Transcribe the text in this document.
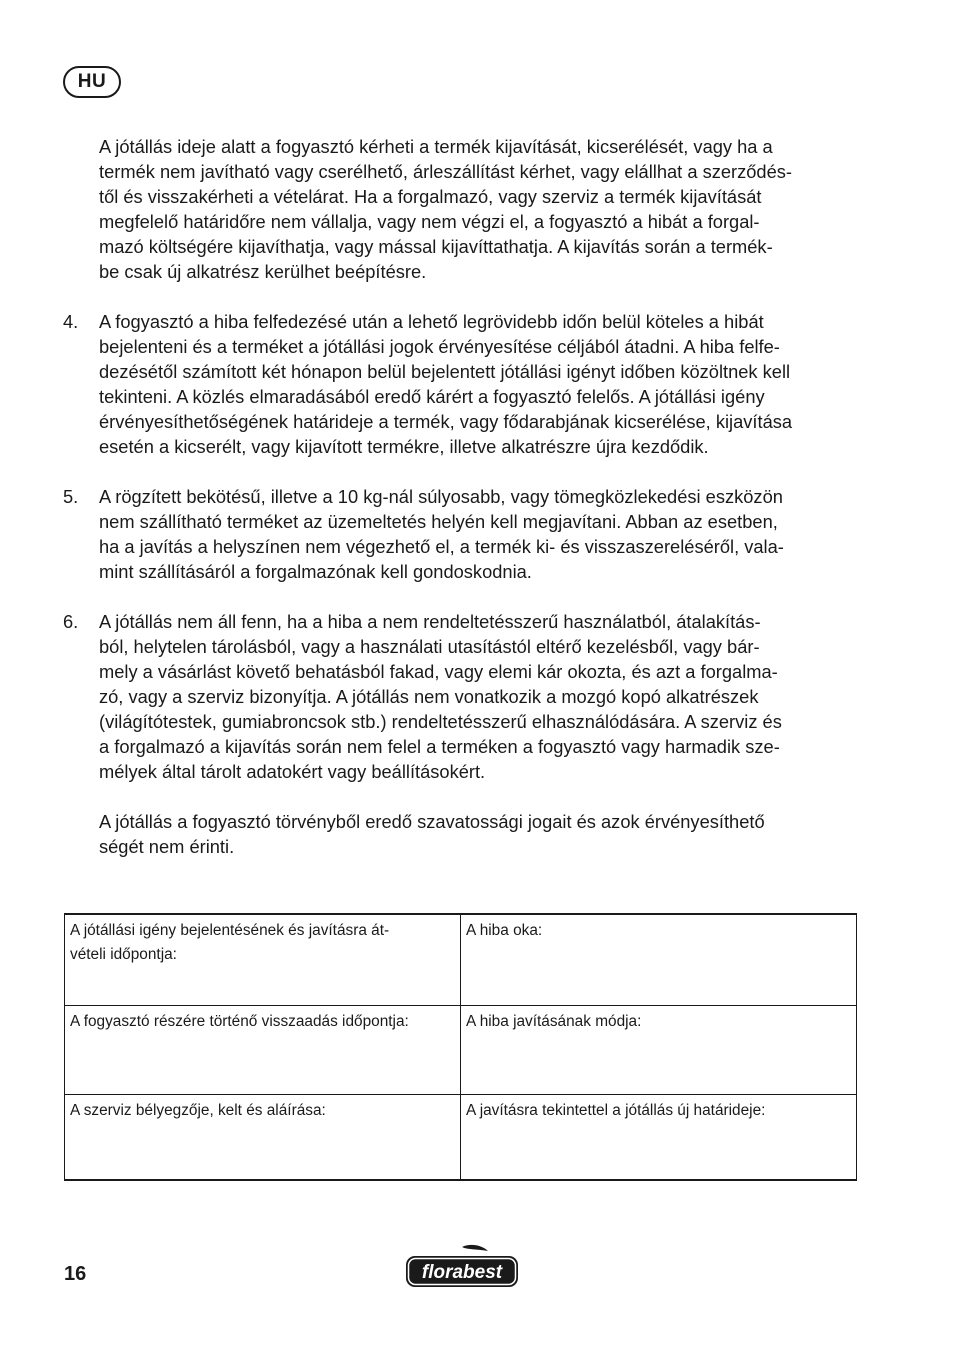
HU
A jótállás ideje alatt a fogyasztó kérheti a termék kijavítását, kicserélését, vagy ha a
termék nem javítható vagy cserélhető, árleszállítást kérhet, vagy elállhat a szerződés-
től és visszakérheti a vételárat. Ha a forgalmazó, vagy szerviz a termék kijavítását
megfelelő határidőre nem vállalja, vagy nem végzi el, a fogyasztó a hibát a forgal-
mazó költségére kijavíthatja, vagy mással kijavíttathatja. A kijavítás során a termék-
be csak új alkatrész kerülhet beépítésre.
4. A fogyasztó a hiba felfedezésé után a lehető legrövidebb időn belül köteles a hibát
bejelenteni és a terméket a jótállási jogok érvényesítése céljából átadni. A hiba felfe-
dezésétől számított két hónapon belül bejelentett jótállási igényt időben közöltnek kell
tekinteni. A közlés elmaradásából eredő kárért a fogyasztó felelős. A jótállási igény
érvényesíthetőségének határideje a termék, vagy fődarabjának kicserélése, kijavítása
esetén a kicserélt, vagy kijavított termékre, illetve alkatrészre újra kezdődik.
5. A rögzített bekötésű, illetve a 10 kg-nál súlyosabb, vagy tömegközlekedési eszközön
nem szállítható terméket az üzemeltetés helyén kell megjavítani. Abban az esetben,
ha a javítás a helyszínen nem végezhető el, a termék ki- és visszaszereléséről, vala-
mint szállításáról a forgalmazónak kell gondoskodnia.
6. A jótállás nem áll fenn, ha a hiba a nem rendeltetésszerű használatból, átalakítás-
ból, helytelen tárolásból, vagy a használati utasítástól eltérő kezelésből, vagy bár-
mely a vásárlást követő behatásból fakad, vagy elemi kár okozta, és azt a forgalma-
zó, vagy a szerviz bizonyítja. A jótállás nem vonatkozik a mozgó kopó alkatrészek
(világítótestek, gumiabroncsok stb.) rendeltetésszerű elhasználódására. A szerviz és
a forgalmazó a kijavítás során nem felel a terméken a fogyasztó vagy harmadik sze-
mélyek által tárolt adatokért vagy beállításokért.
A jótállás a fogyasztó törvényből eredő szavatossági jogait és azok érvényesíthető
ségét nem érinti.
A jótállási igény bejelentésének és javításra át-
vételi időpontja:	A hiba oka:
A fogyasztó részére történő visszaadás időpontja:	A hiba javításának módja:
A szerviz bélyegzője, kelt és aláírása:	A javításra tekintettel a jótállás új határideje:
16	florabest
